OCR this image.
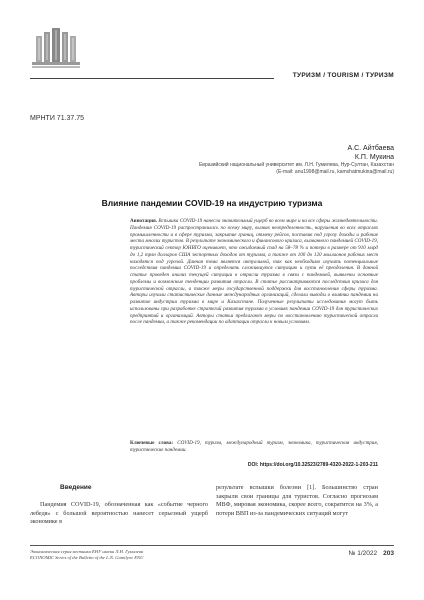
ТУРИЗМ / TOURISM / TУРИЗМ
МРНТИ 71.37.75
А.С. Айтбаева
К.П. Мукина
Евразийский национальный университет им. Л.Н. Гумилева, Нур-Султан, Казахстан
(E-mail: anu1998@mail.ru, kamshatmukina@mail.ru)
Влияние пандемии COVID-19 на индустрию туризма
Аннотация. Вспышка COVID-19 нанесла значительный ущерб во всем мире и на все сферы жизнедеятельности. Пандемия COVID-19 распространилась по всему миру, вызвав неопределенность, нарушения во всех отраслях промышленности и в сфере туризма, закрытие границ, отмену рейсов, поставив под угрозу доходы и рабочие места многих туристов. В результате экономического и финансового кризиса, вызванного пандемией COVID-19, туристический сектор ЮНВТО оценивает, что ожидаемый спад на 58–78 % и потери в размере от 910 млрд до 1,2 трлн долларов США экспортных доходов от туризма, а также от 100 до 120 миллионов рабочих мест находятся под угрозой. Данная тема является актуальной, так как необходимо изучить потенциальные последствия пандемии COVID-19 и определить сложившуюся ситуацию и пути её преодоления. В данной статье проведен анализ текущей ситуации в отрасли туризма в связи с пандемией, выявлены основные проблемы и возможные тенденции развития отрасли. В статье рассматриваются последствия кризиса для туристической отрасли, а также меры государственной поддержки для восстановления сферы туризма. Авторы изучили статистические данные международных организаций, сделали выводы о влиянии пандемии на развитие индустрии туризма в мире и Казахстане. Полученные результаты исследования могут быть использованы при разработке стратегий развития туризма в условиях пандемии COVID-19 для туристических предприятий и организаций. Авторы статьи предлагают меры по восстановлению туристической отрасли после пандемии, а также рекомендации по адаптации отрасли к новым условиям.
Ключевые слова: COVID-19, туризм, международный туризм, экономика, туристическая индустрия, туристические пандемии.
DOI: https://doi.org/10.32523/2789-4320-2022-1-203-211
Введение

Пандемия COVID-19, обозначенная как «событие черного лебедя» с большой вероятностью нанесет серьезный ущерб экономике в

результате вспышки болезни [1]. Большинство стран закрыли свои границы для туристов. Согласно прогнозам МВФ, мировая экономика, скорее всего, сократится на 3%, а потери ВВП из-за пандемических ситуаций могут

Экономическая серия вестника ЕНУ имени Л.Н. Гумилева
ECONOMIC Series of the Bulletin of the L.N. Gumilyov ENU
№ 1/2022 203
